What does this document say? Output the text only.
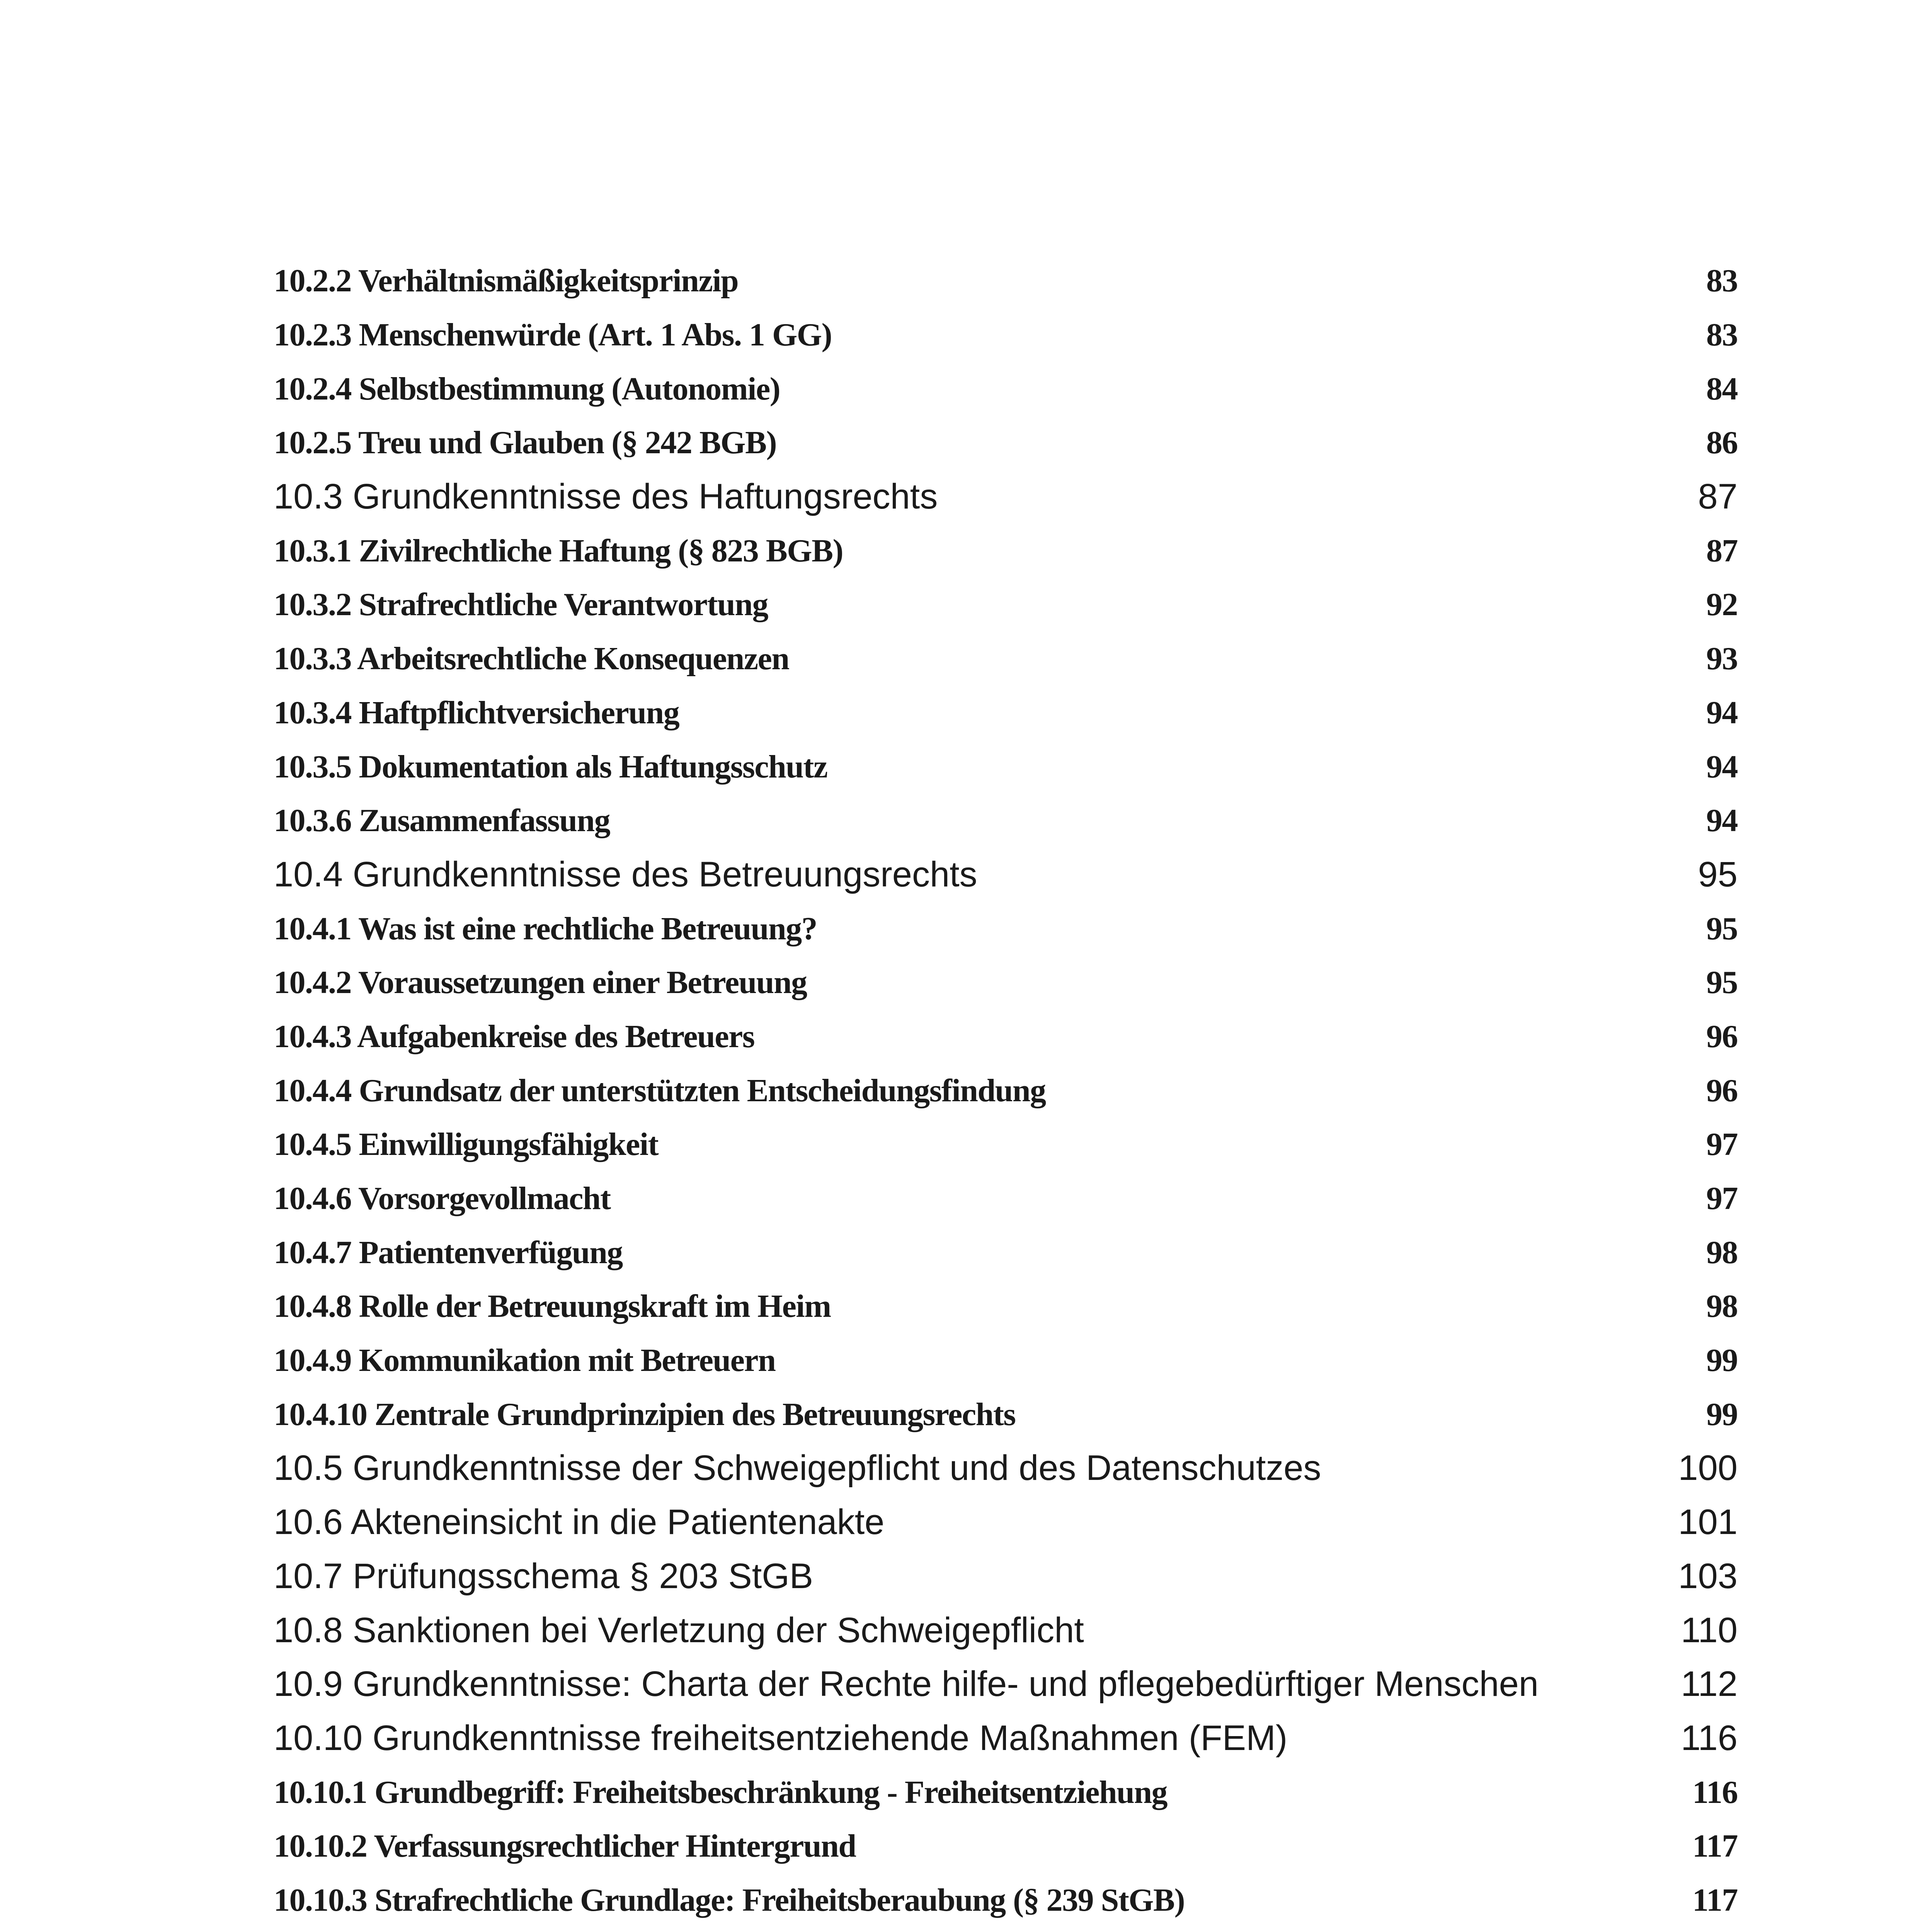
10.2.2 Verhältnismäßigkeitsprinzip	83
10.2.3 Menschenwürde (Art. 1 Abs. 1 GG)	83
10.2.4 Selbstbestimmung (Autonomie)	84
10.2.5 Treu und Glauben (§ 242 BGB)	86
10.3 Grundkenntnisse des Haftungsrechts	87
10.3.1 Zivilrechtliche Haftung (§ 823 BGB)	87
10.3.2 Strafrechtliche Verantwortung	92
10.3.3 Arbeitsrechtliche Konsequenzen	93
10.3.4 Haftpflichtversicherung	94
10.3.5 Dokumentation als Haftungsschutz	94
10.3.6 Zusammenfassung	94
10.4 Grundkenntnisse des Betreuungsrechts	95
10.4.1 Was ist eine rechtliche Betreuung?	95
10.4.2 Voraussetzungen einer Betreuung	95
10.4.3 Aufgabenkreise des Betreuers	96
10.4.4 Grundsatz der unterstützten Entscheidungsfindung	96
10.4.5 Einwilligungsfähigkeit	97
10.4.6 Vorsorgevollmacht	97
10.4.7 Patientenverfügung	98
10.4.8 Rolle der Betreuungskraft im Heim	98
10.4.9 Kommunikation mit Betreuern	99
10.4.10 Zentrale Grundprinzipien des Betreuungsrechts	99
10.5 Grundkenntnisse der Schweigepflicht und des Datenschutzes	100
10.6 Akteneinsicht in die Patientenakte	101
10.7 Prüfungsschema § 203 StGB	103
10.8 Sanktionen bei Verletzung der Schweigepflicht	110
10.9 Grundkenntnisse: Charta der Rechte hilfe- und pflegebedürftiger Menschen	112
10.10 Grundkenntnisse freiheitsentziehende Maßnahmen (FEM)	116
10.10.1 Grundbegriff: Freiheitsbeschränkung - Freiheitsentziehung	116
10.10.2 Verfassungsrechtlicher Hintergrund	117
10.10.3 Strafrechtliche Grundlage: Freiheitsberaubung (§ 239 StGB)	117
